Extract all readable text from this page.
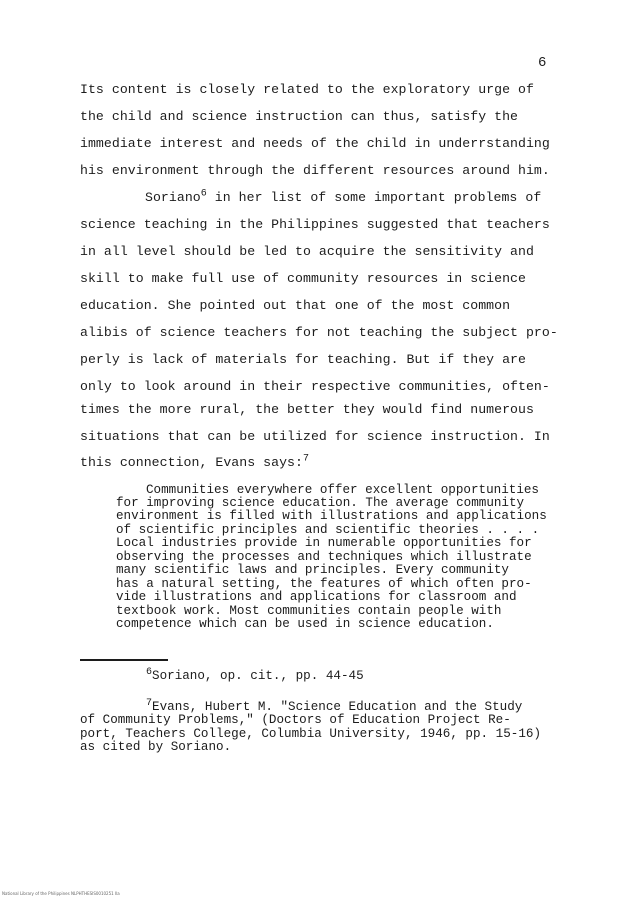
6
Its content is closely related to the exploratory urge of
the child and science instruction can thus, satisfy the
immediate interest and needs of the child in underrstanding
his environment through the different resources around him.
Soriano$^6$ in her list of some important problems of
science teaching in the Philippines suggested that teachers
in all level should be led to acquire the sensitivity and
skill to make full use of community resources in science
education. She pointed out that one of the most common
alibis of science teachers for not teaching the subject pro-
perly is lack of materials for teaching. But if they are
only to look around in their respective communities, often-
times the more rural, the better they would find numerous
situations that can be utilized for science instruction. In
this connection, Evans says:$^7$
Communities everywhere offer excellent opportunities
for improving science education. The average community
environment is filled with illustrations and applications
of scientific principles and scientific theories . . . .
Local industries provide in numerable opportunities for
observing the processes and techniques which illustrate
many scientific laws and principles. Every community
has a natural setting, the features of which often pro-
vide illustrations and applications for classroom and
textbook work. Most communities contain people with
competence which can be used in science education.
$^6$Soriano, op. cit., pp. 44-45
$^7$Evans, Hubert M. "Science Education and the Study
of Community Problems," (Doctors of Education Project Re-
port, Teachers College, Columbia University, 1946, pp. 15-16)
as cited by Soriano.
National Library of the Philippines NLPHTHESIS0010251 Ila
